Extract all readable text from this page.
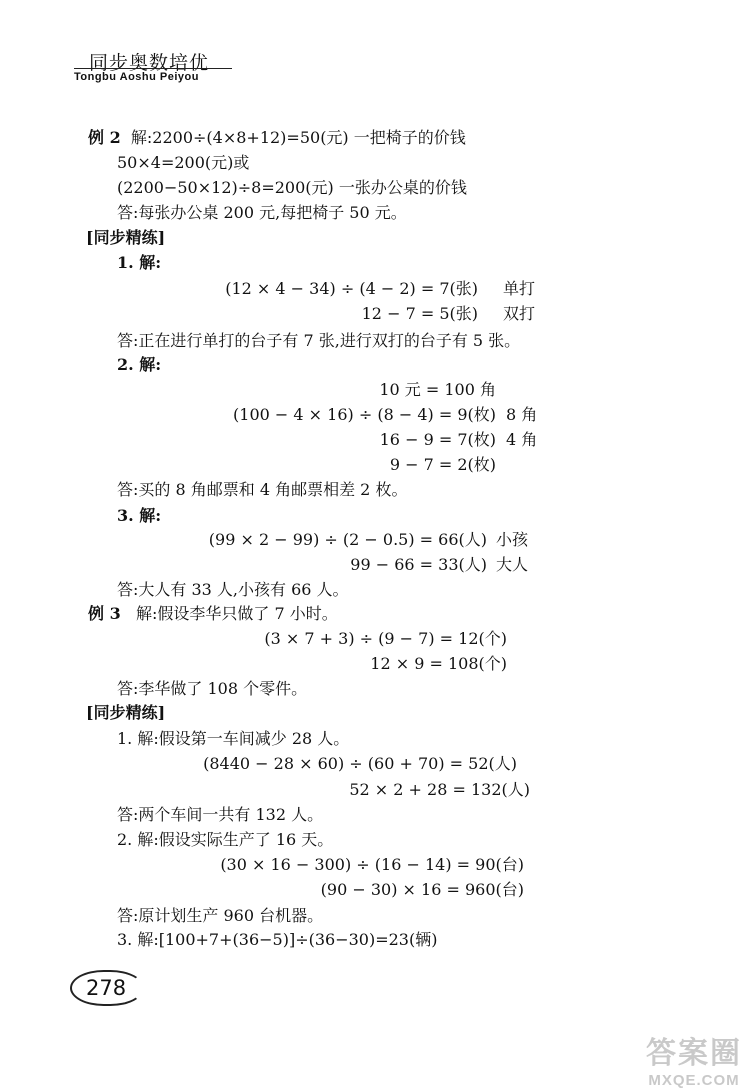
同步奥数培优
Tongbu Aoshu Peiyou
例 2 解:2200÷(4×8+12)=50(元) 一把椅子的价钱
50×4=200(元)或
(2200−50×12)÷8=200(元) 一张办公桌的价钱
答:每张办公桌 200 元,每把椅子 50 元。
[同步精练]
1. 解:
(12 × 4 − 34) ÷ (4 − 2) = 7(张) 单打
12 − 7 = 5(张) 双打
答:正在进行单打的台子有 7 张,进行双打的台子有 5 张。
2. 解:
10 元 = 100 角
(100 − 4 × 16) ÷ (8 − 4) = 9(枚) 8 角
16 − 9 = 7(枚) 4 角
9 − 7 = 2(枚)
答:买的 8 角邮票和 4 角邮票相差 2 枚。
3. 解:
(99 × 2 − 99) ÷ (2 − 0.5) = 66(人) 小孩
99 − 66 = 33(人) 大人
答:大人有 33 人,小孩有 66 人。
例 3 解:假设李华只做了 7 小时。
(3 × 7 + 3) ÷ (9 − 7) = 12(个)
12 × 9 = 108(个)
答:李华做了 108 个零件。
[同步精练]
1. 解:假设第一车间减少 28 人。
(8440 − 28 × 60) ÷ (60 + 70) = 52(人)
52 × 2 + 28 = 132(人)
答:两个车间一共有 132 人。
2. 解:假设实际生产了 16 天。
(30 × 16 − 300) ÷ (16 − 14) = 90(台)
(90 − 30) × 16 = 960(台)
答:原计划生产 960 台机器。
3. 解:[100+7+(36−5)]÷(36−30)=23(辆)
278
答案圈
MXQE.COM
